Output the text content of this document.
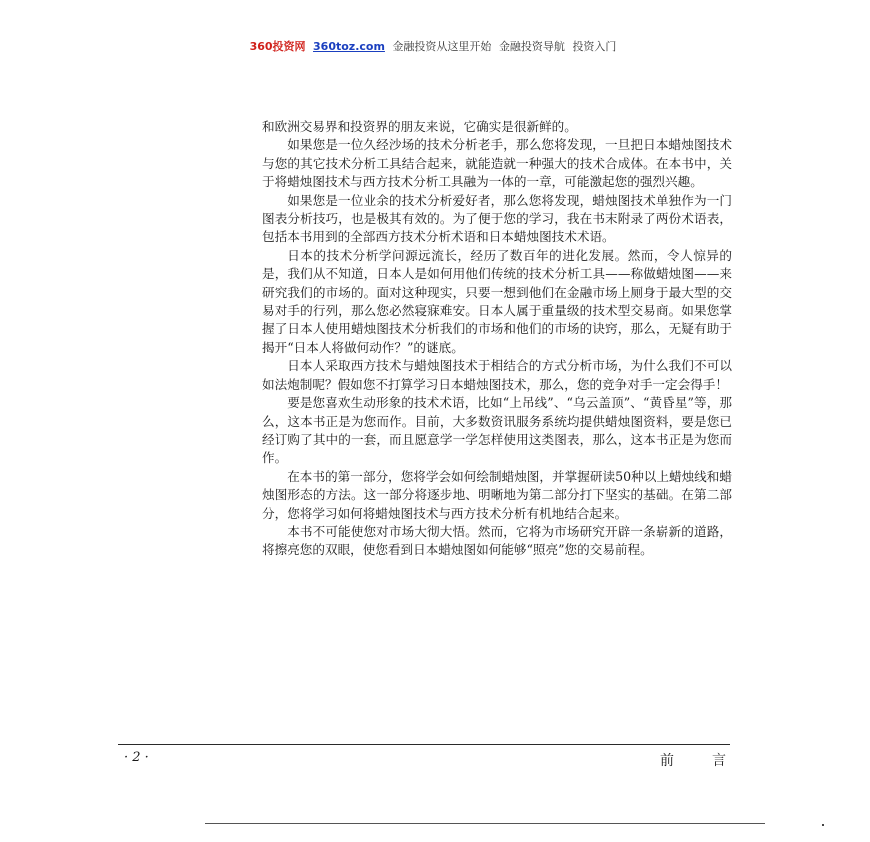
360投资网 360toz.com 金融投资从这里开始 金融投资导航 投资入门

和欧洲交易界和投资界的朋友来说，它确实是很新鲜的。

如果您是一位久经沙场的技术分析老手，那么您将发现，一旦把日本蜡烛图技术与您的其它技术分析工具结合起来，就能造就一种强大的技术合成体。在本书中，关于将蜡烛图技术与西方技术分析工具融为一体的一章，可能激起您的强烈兴趣。

如果您是一位业余的技术分析爱好者，那么您将发现，蜡烛图技术单独作为一门图表分析技巧，也是极其有效的。为了便于您的学习，我在书末附录了两份术语表，包括本书用到的全部西方技术分析术语和日本蜡烛图技术术语。

日本的技术分析学问源远流长，经历了数百年的进化发展。然而，令人惊异的是，我们从不知道，日本人是如何用他们传统的技术分析工具——称做蜡烛图——来研究我们的市场的。面对这种现实，只要一想到他们在金融市场上厕身于最大型的交易对手的行列，那么您必然寝寐难安。日本人属于重量级的技术型交易商。如果您掌握了日本人使用蜡烛图技术分析我们的市场和他们的市场的诀窍，那么，无疑有助于揭开“日本人将做何动作？”的谜底。

日本人采取西方技术与蜡烛图技术于相结合的方式分析市场，为什么我们不可以如法炮制呢？假如您不打算学习日本蜡烛图技术，那么，您的竞争对手一定会得手！

要是您喜欢生动形象的技术术语，比如“上吊线”、“乌云盖顶”、“黄昏星”等，那么，这本书正是为您而作。目前，大多数资讯服务系统均提供蜡烛图资料，要是您已经订购了其中的一套，而且愿意学一学怎样使用这类图表，那么，这本书正是为您而作。

在本书的第一部分，您将学会如何绘制蜡烛图，并掌握研读50种以上蜡烛线和蜡烛图形态的方法。这一部分将逐步地、明晰地为第二部分打下坚实的基础。在第二部分，您将学习如何将蜡烛图技术与西方技术分析有机地结合起来。

本书不可能使您对市场大彻大悟。然而，它将为市场研究开辟一条崭新的道路，将擦亮您的双眼，使您看到日本蜡烛图如何能够“照亮”您的交易前程。

· 2 ·	前言
